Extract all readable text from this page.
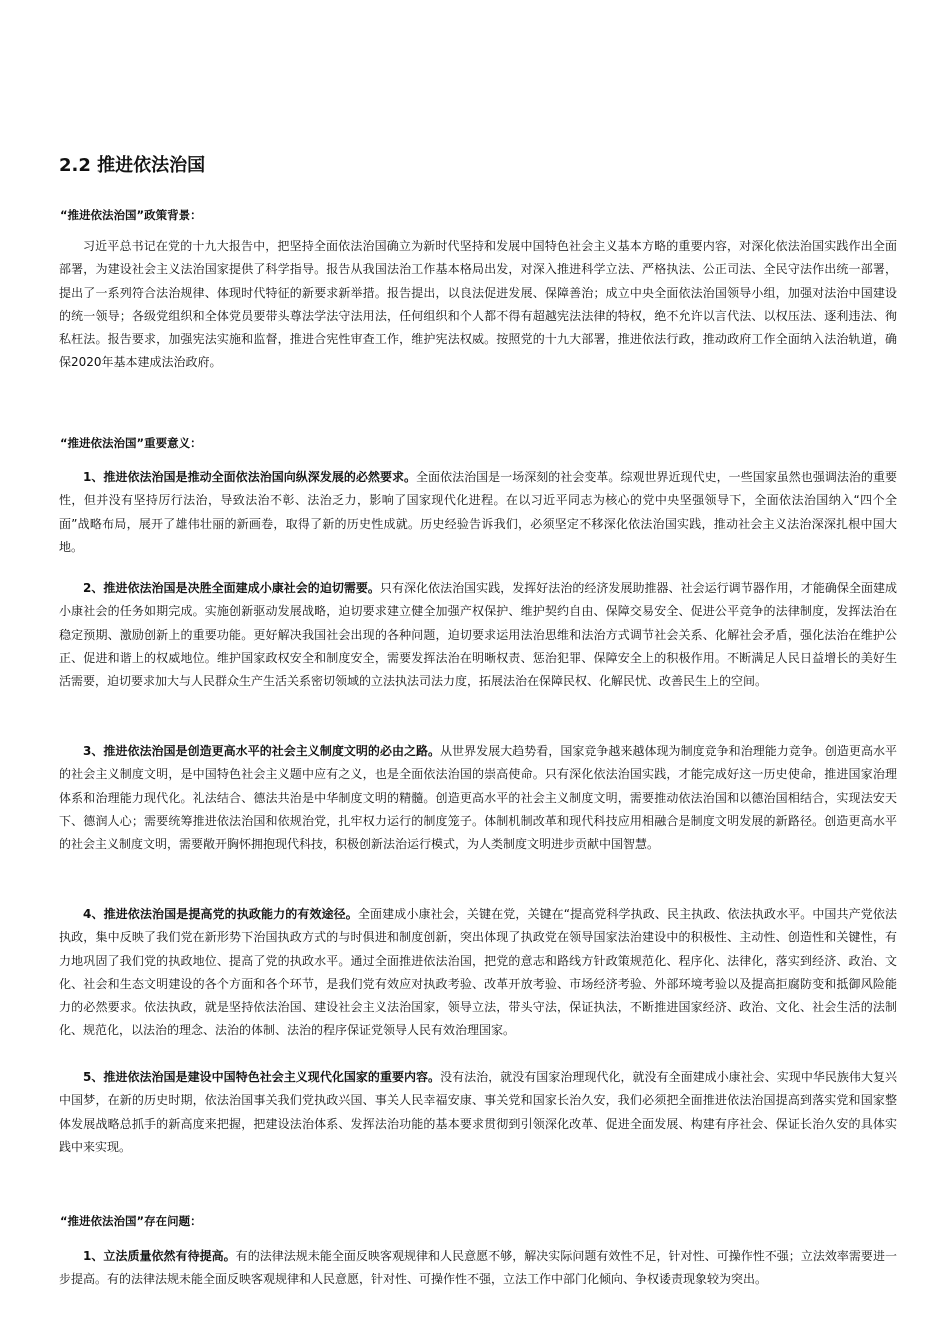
2.2 推进依法治国

“推进依法治国”政策背景：

习近平总书记在党的十九大报告中，把坚持全面依法治国确立为新时代坚持和发展中国特色社会主义基本方略的重要内容，对深化依法治国实践作出全面部署，为建设社会主义法治国家提供了科学指导。报告从我国法治工作基本格局出发，对深入推进科学立法、严格执法、公正司法、全民守法作出统一部署，提出了一系列符合法治规律、体现时代特征的新要求新举措。报告提出，以良法促进发展、保障善治；成立中央全面依法治国领导小组，加强对法治中国建设的统一领导；各级党组织和全体党员要带头尊法学法守法用法，任何组织和个人都不得有超越宪法法律的特权，绝不允许以言代法、以权压法、逐利违法、徇私枉法。报告要求，加强宪法实施和监督，推进合宪性审查工作，维护宪法权威。按照党的十九大部署，推进依法行政，推动政府工作全面纳入法治轨道，确保2020年基本建成法治政府。

“推进依法治国”重要意义：

1、推进依法治国是推动全面依法治国向纵深发展的必然要求。全面依法治国是一场深刻的社会变革。综观世界近现代史，一些国家虽然也强调法治的重要性，但并没有坚持厉行法治，导致法治不彰、法治乏力，影响了国家现代化进程。在以习近平同志为核心的党中央坚强领导下，全面依法治国纳入“四个全面”战略布局，展开了雄伟壮丽的新画卷，取得了新的历史性成就。历史经验告诉我们，必须坚定不移深化依法治国实践，推动社会主义法治深深扎根中国大地。

2、推进依法治国是决胜全面建成小康社会的迫切需要。只有深化依法治国实践，发挥好法治的经济发展助推器、社会运行调节器作用，才能确保全面建成小康社会的任务如期完成。实施创新驱动发展战略，迫切要求建立健全加强产权保护、维护契约自由、保障交易安全、促进公平竞争的法律制度，发挥法治在稳定预期、激励创新上的重要功能。更好解决我国社会出现的各种问题，迫切要求运用法治思维和法治方式调节社会关系、化解社会矛盾，强化法治在维护公正、促进和谐上的权威地位。维护国家政权安全和制度安全，需要发挥法治在明晰权责、惩治犯罪、保障安全上的积极作用。不断满足人民日益增长的美好生活需要，迫切要求加大与人民群众生产生活关系密切领域的立法执法司法力度，拓展法治在保障民权、化解民忧、改善民生上的空间。

3、推进依法治国是创造更高水平的社会主义制度文明的必由之路。从世界发展大趋势看，国家竞争越来越体现为制度竞争和治理能力竞争。创造更高水平的社会主义制度文明，是中国特色社会主义题中应有之义，也是全面依法治国的崇高使命。只有深化依法治国实践，才能完成好这一历史使命，推进国家治理体系和治理能力现代化。礼法结合、德法共治是中华制度文明的精髓。创造更高水平的社会主义制度文明，需要推动依法治国和以德治国相结合，实现法安天下、德润人心；需要统筹推进依法治国和依规治党，扎牢权力运行的制度笼子。体制机制改革和现代科技应用相融合是制度文明发展的新路径。创造更高水平的社会主义制度文明，需要敞开胸怀拥抱现代科技，积极创新法治运行模式，为人类制度文明进步贡献中国智慧。

4、推进依法治国是提高党的执政能力的有效途径。全面建成小康社会，关键在党，关键在“提高党科学执政、民主执政、依法执政水平。中国共产党依法执政，集中反映了我们党在新形势下治国执政方式的与时俱进和制度创新，突出体现了执政党在领导国家法治建设中的积极性、主动性、创造性和关键性，有力地巩固了我们党的执政地位、提高了党的执政水平。通过全面推进依法治国，把党的意志和路线方针政策规范化、程序化、法律化，落实到经济、政治、文化、社会和生态文明建设的各个方面和各个环节，是我们党有效应对执政考验、改革开放考验、市场经济考验、外部环境考验以及提高拒腐防变和抵御风险能力的必然要求。依法执政，就是坚持依法治国、建设社会主义法治国家，领导立法，带头守法，保证执法，不断推进国家经济、政治、文化、社会生活的法制化、规范化，以法治的理念、法治的体制、法治的程序保证党领导人民有效治理国家。

5、推进依法治国是建设中国特色社会主义现代化国家的重要内容。没有法治，就没有国家治理现代化，就没有全面建成小康社会、实现中华民族伟大复兴中国梦，在新的历史时期，依法治国事关我们党执政兴国、事关人民幸福安康、事关党和国家长治久安，我们必须把全面推进依法治国提高到落实党和国家整体发展战略总抓手的新高度来把握，把建设法治体系、发挥法治功能的基本要求贯彻到引领深化改革、促进全面发展、构建有序社会、保证长治久安的具体实践中来实现。

“推进依法治国”存在问题：

1、立法质量依然有待提高。有的法律法规未能全面反映客观规律和人民意愿不够，解决实际问题有效性不足，针对性、可操作性不强；立法效率需要进一步提高。有的法律法规未能全面反映客观规律和人民意愿，针对性、可操作性不强，立法工作中部门化倾向、争权诿责现象较为突出。
